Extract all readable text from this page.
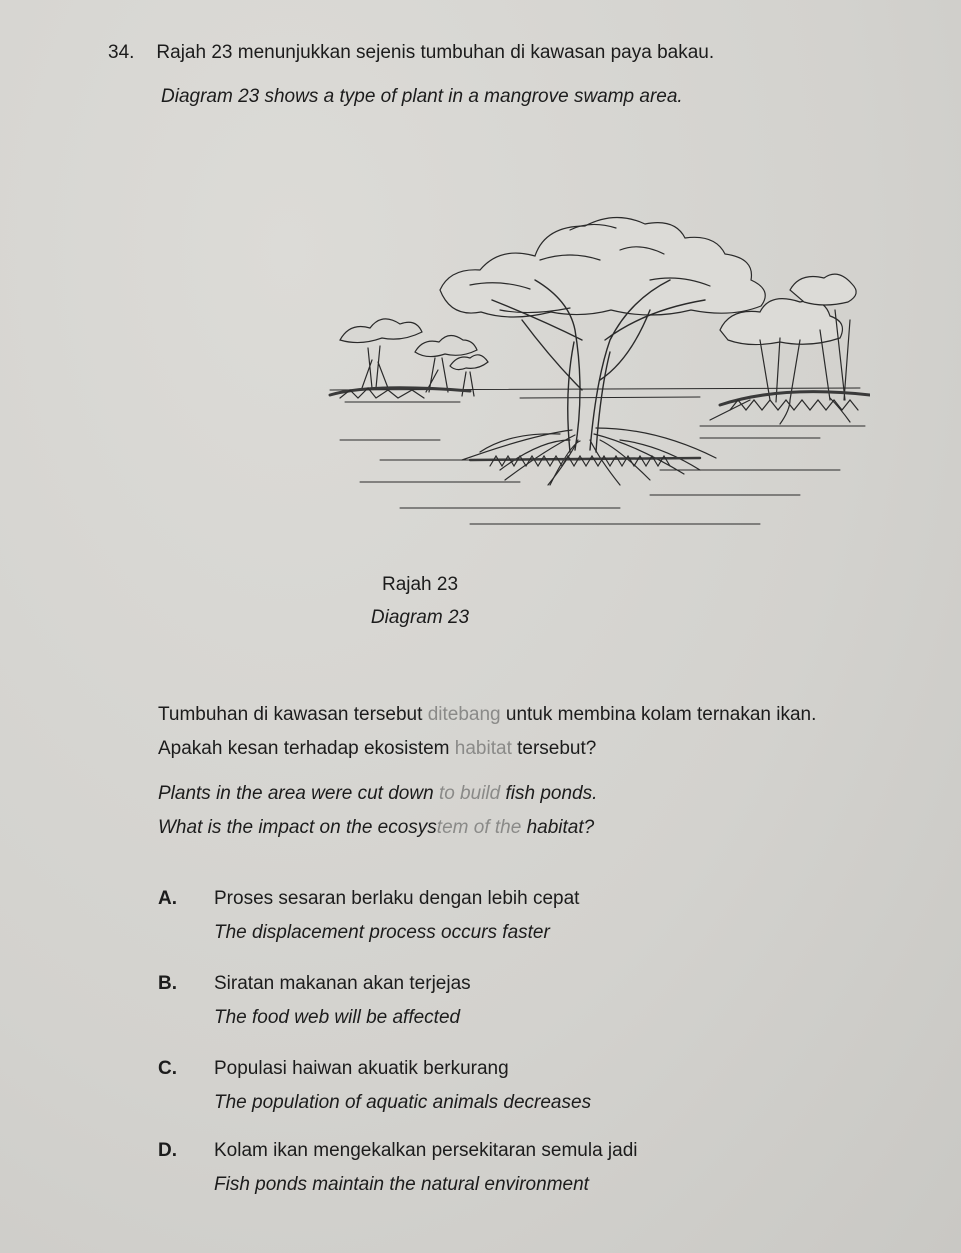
34. Rajah 23 menunjukkan sejenis tumbuhan di kawasan paya bakau.
Diagram 23 shows a type of plant in a mangrove swamp area.
Rajah 23
Diagram 23
Tumbuhan di kawasan tersebut ditebang untuk membina kolam ternakan ikan.
Apakah kesan terhadap ekosistem habitat tersebut?
Plants in the area were cut down to build fish ponds.
What is the impact on the ecosystem of the habitat?
A. Proses sesaran berlaku dengan lebih cepat
The displacement process occurs faster
B. Siratan makanan akan terjejas
The food web will be affected
C. Populasi haiwan akuatik berkurang
The population of aquatic animals decreases
D. Kolam ikan mengekalkan persekitaran semula jadi
Fish ponds maintain the natural environment
